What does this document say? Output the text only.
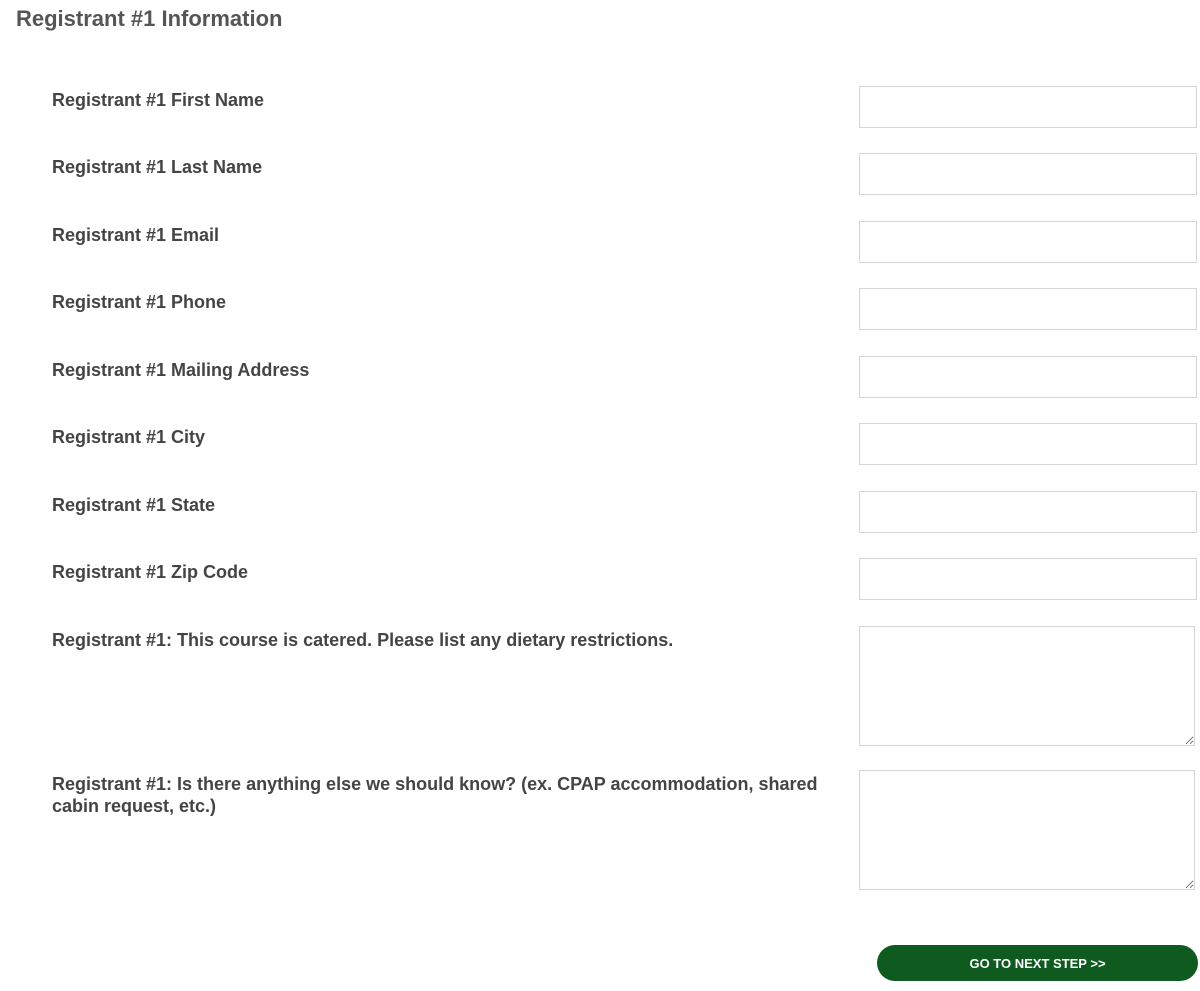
Registrant #1 Information
Registrant #1 First Name
Registrant #1 Last Name
Registrant #1 Email
Registrant #1 Phone
Registrant #1 Mailing Address
Registrant #1 City
Registrant #1 State
Registrant #1 Zip Code
Registrant #1: This course is catered. Please list any dietary restrictions.
Registrant #1: Is there anything else we should know? (ex. CPAP accommodation, shared cabin request, etc.)
GO TO NEXT STEP >>
